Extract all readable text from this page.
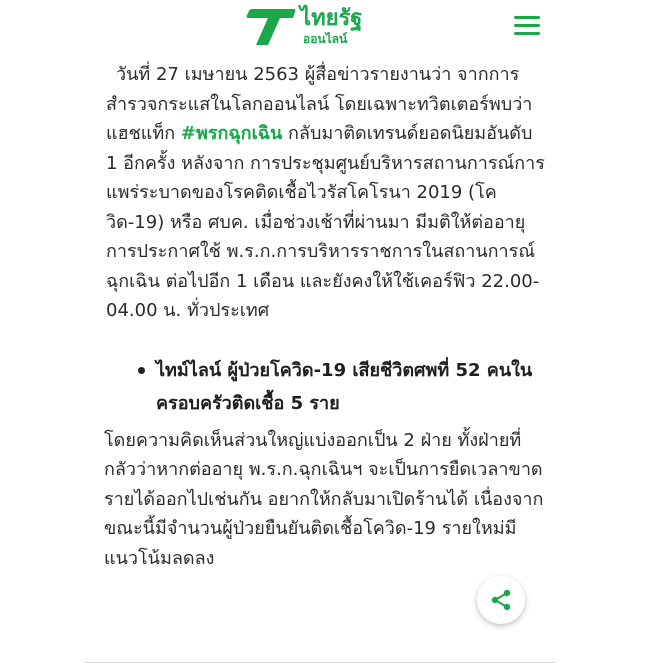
ไทยรัฐ
ออนไลน์

วันที่ 27 เมษายน 2563 ผู้สื่อข่าวรายงานว่า จากการสำรวจกระแสในโลกออนไลน์ โดยเฉพาะทวิตเตอร์พบว่าแฮชแท็ก #พรกฉุกเฉิน กลับมาติดเทรนด์ยอดนิยมอันดับ 1 อีกครั้ง หลังจาก การประชุมศูนย์บริหารสถานการณ์การแพร่ระบาดของโรคติดเชื้อไวรัสโคโรนา 2019 (โควิด-19) หรือ ศบค. เมื่อช่วงเช้าที่ผ่านมา มีมติให้ต่ออายุการประกาศใช้ พ.ร.ก.การบริหารราชการในสถานการณ์ฉุกเฉิน ต่อไปอีก 1 เดือน และยังคงให้ใช้เคอร์ฟิว 22.00-04.00 น. ทั่วประเทศ

ไทม์ไลน์ ผู้ป่วยโควิด-19 เสียชีวิตศพที่ 52 คนในครอบครัวติดเชื้อ 5 ราย

โดยความคิดเห็นส่วนใหญ่แบ่งออกเป็น 2 ฝ่าย ทั้งฝ่ายที่กลัวว่าหากต่ออายุ พ.ร.ก.ฉุกเฉินฯ จะเป็นการยืดเวลาขาดรายได้ออกไปเช่นกัน อยากให้กลับมาเปิดร้านได้ เนื่องจากขณะนี้มีจำนวนผู้ป่วยยืนยันติดเชื้อโควิด-19 รายใหม่มีแนวโน้มลดลง
